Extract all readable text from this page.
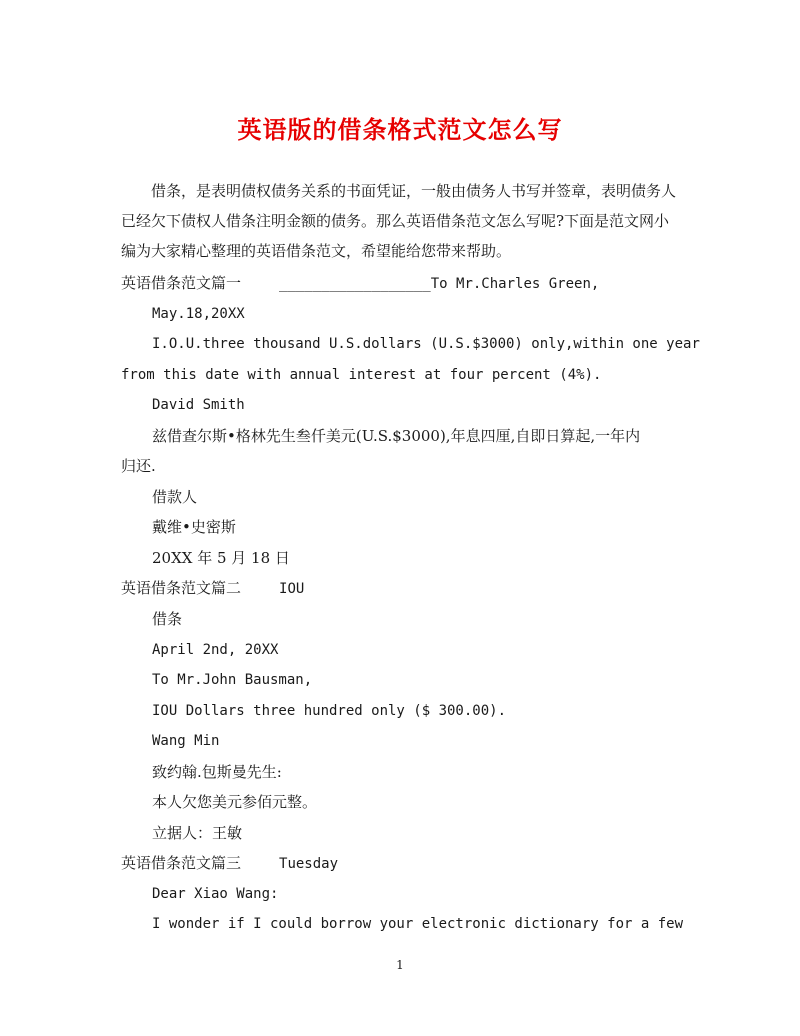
英语版的借条格式范文怎么写
借条，是表明债权债务关系的书面凭证，一般由债务人书写并签章，表明债务人已经欠下债权人借条注明金额的债务。那么英语借条范文怎么写呢?下面是范文网小编为大家精心整理的英语借条范文，希望能给您带来帮助。
英语借条范文篇一	__________________To Mr.Charles Green,
May.18,20XX
I.O.U.three thousand U.S.dollars (U.S.$3000) only,within one year
from this date with annual interest at four percent (4%).
David Smith
兹借查尔斯•格林先生叁仟美元(U.S.$3000),年息四厘,自即日算起,一年内
归还.
借款人
戴维•史密斯
20XX 年 5 月 18 日
英语借条范文篇二	IOU
借条
April 2nd, 20XX
To Mr.John Bausman,
IOU Dollars three hundred only ($ 300.00).
Wang Min
致约翰.包斯曼先生:
本人欠您美元参佰元整。
立据人：王敏
英语借条范文篇三	Tuesday
Dear Xiao Wang:
I wonder if I could borrow your electronic dictionary for a few
1
